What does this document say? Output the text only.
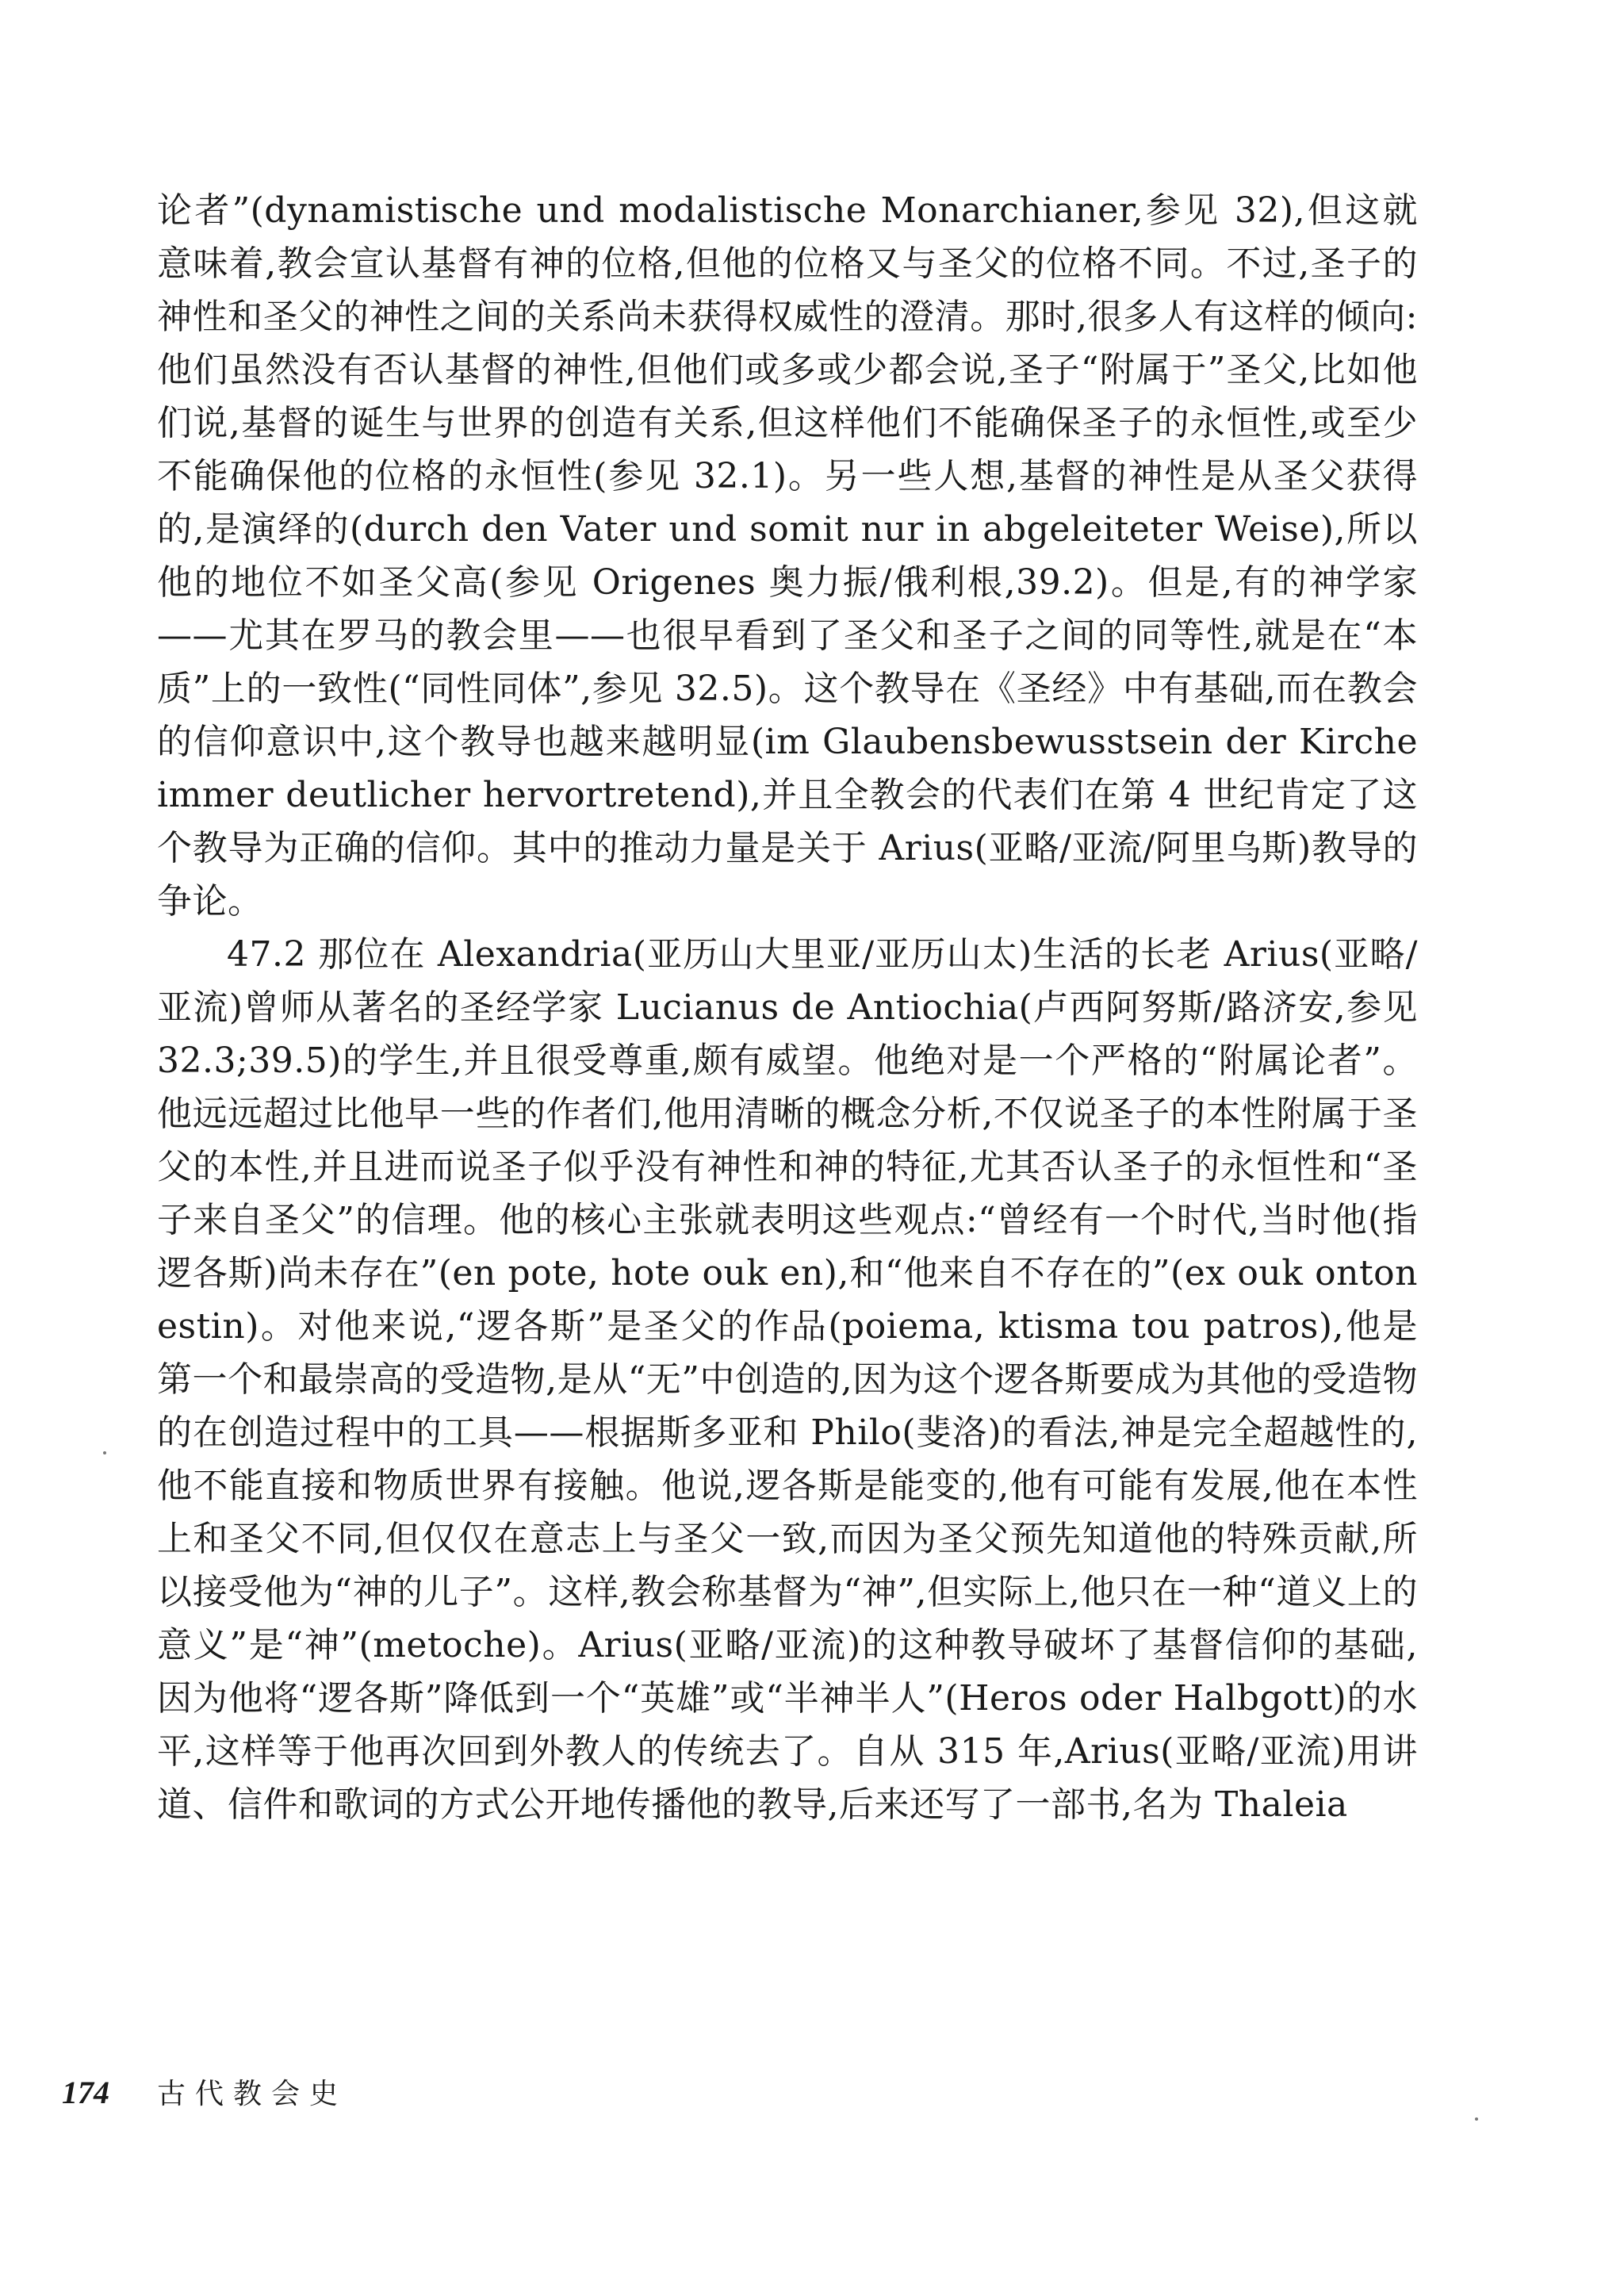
论者”(dynamistische und modalistische Monarchianer,参见 32),但这就意味着,教会宣认基督有神的位格,但他的位格又与圣父的位格不同。不过,圣子的神性和圣父的神性之间的关系尚未获得权威性的澄清。那时,很多人有这样的倾向:他们虽然没有否认基督的神性,但他们或多或少都会说,圣子“附属于”圣父,比如他们说,基督的诞生与世界的创造有关系,但这样他们不能确保圣子的永恒性,或至少不能确保他的位格的永恒性(参见 32.1)。另一些人想,基督的神性是从圣父获得的,是演绎的(durch den Vater und somit nur in abgeleiteter Weise),所以他的地位不如圣父高(参见 Origenes 奥力振/俄利根,39.2)。但是,有的神学家——尤其在罗马的教会里——也很早看到了圣父和圣子之间的同等性,就是在“本质”上的一致性(“同性同体”,参见 32.5)。这个教导在《圣经》中有基础,而在教会的信仰意识中,这个教导也越来越明显(im Glaubensbewusstsein der Kirche immer deutlicher hervortretend),并且全教会的代表们在第 4 世纪肯定了这个教导为正确的信仰。其中的推动力量是关于 Arius(亚略/亚流/阿里乌斯)教导的争论。

47.2 那位在 Alexandria(亚历山大里亚/亚历山太)生活的长老 Arius(亚略/亚流)曾师从著名的圣经学家 Lucianus de Antiochia(卢西阿努斯/路济安,参见 32.3;39.5)的学生,并且很受尊重,颇有威望。他绝对是一个严格的“附属论者”。他远远超过比他早一些的作者们,他用清晰的概念分析,不仅说圣子的本性附属于圣父的本性,并且进而说圣子似乎没有神性和神的特征,尤其否认圣子的永恒性和“圣子来自圣父”的信理。他的核心主张就表明这些观点:“曾经有一个时代,当时他(指逻各斯)尚未存在”(en pote, hote ouk en),和“他来自不存在的”(ex ouk onton estin)。对他来说,“逻各斯”是圣父的作品(poiema, ktisma tou patros),他是第一个和最崇高的受造物,是从“无”中创造的,因为这个逻各斯要成为其他的受造物的在创造过程中的工具——根据斯多亚和 Philo(斐洛)的看法,神是完全超越性的,他不能直接和物质世界有接触。他说,逻各斯是能变的,他有可能有发展,他在本性上和圣父不同,但仅仅在意志上与圣父一致,而因为圣父预先知道他的特殊贡献,所以接受他为“神的儿子”。这样,教会称基督为“神”,但实际上,他只在一种“道义上的意义”是“神”(metoche)。Arius(亚略/亚流)的这种教导破坏了基督信仰的基础,因为他将“逻各斯”降低到一个“英雄”或“半神半人”(Heros oder Halbgott)的水平,这样等于他再次回到外教人的传统去了。自从 315 年,Arius(亚略/亚流)用讲道、信件和歌词的方式公开地传播他的教导,后来还写了一部书,名为 Thaleia

174 古代教会史
